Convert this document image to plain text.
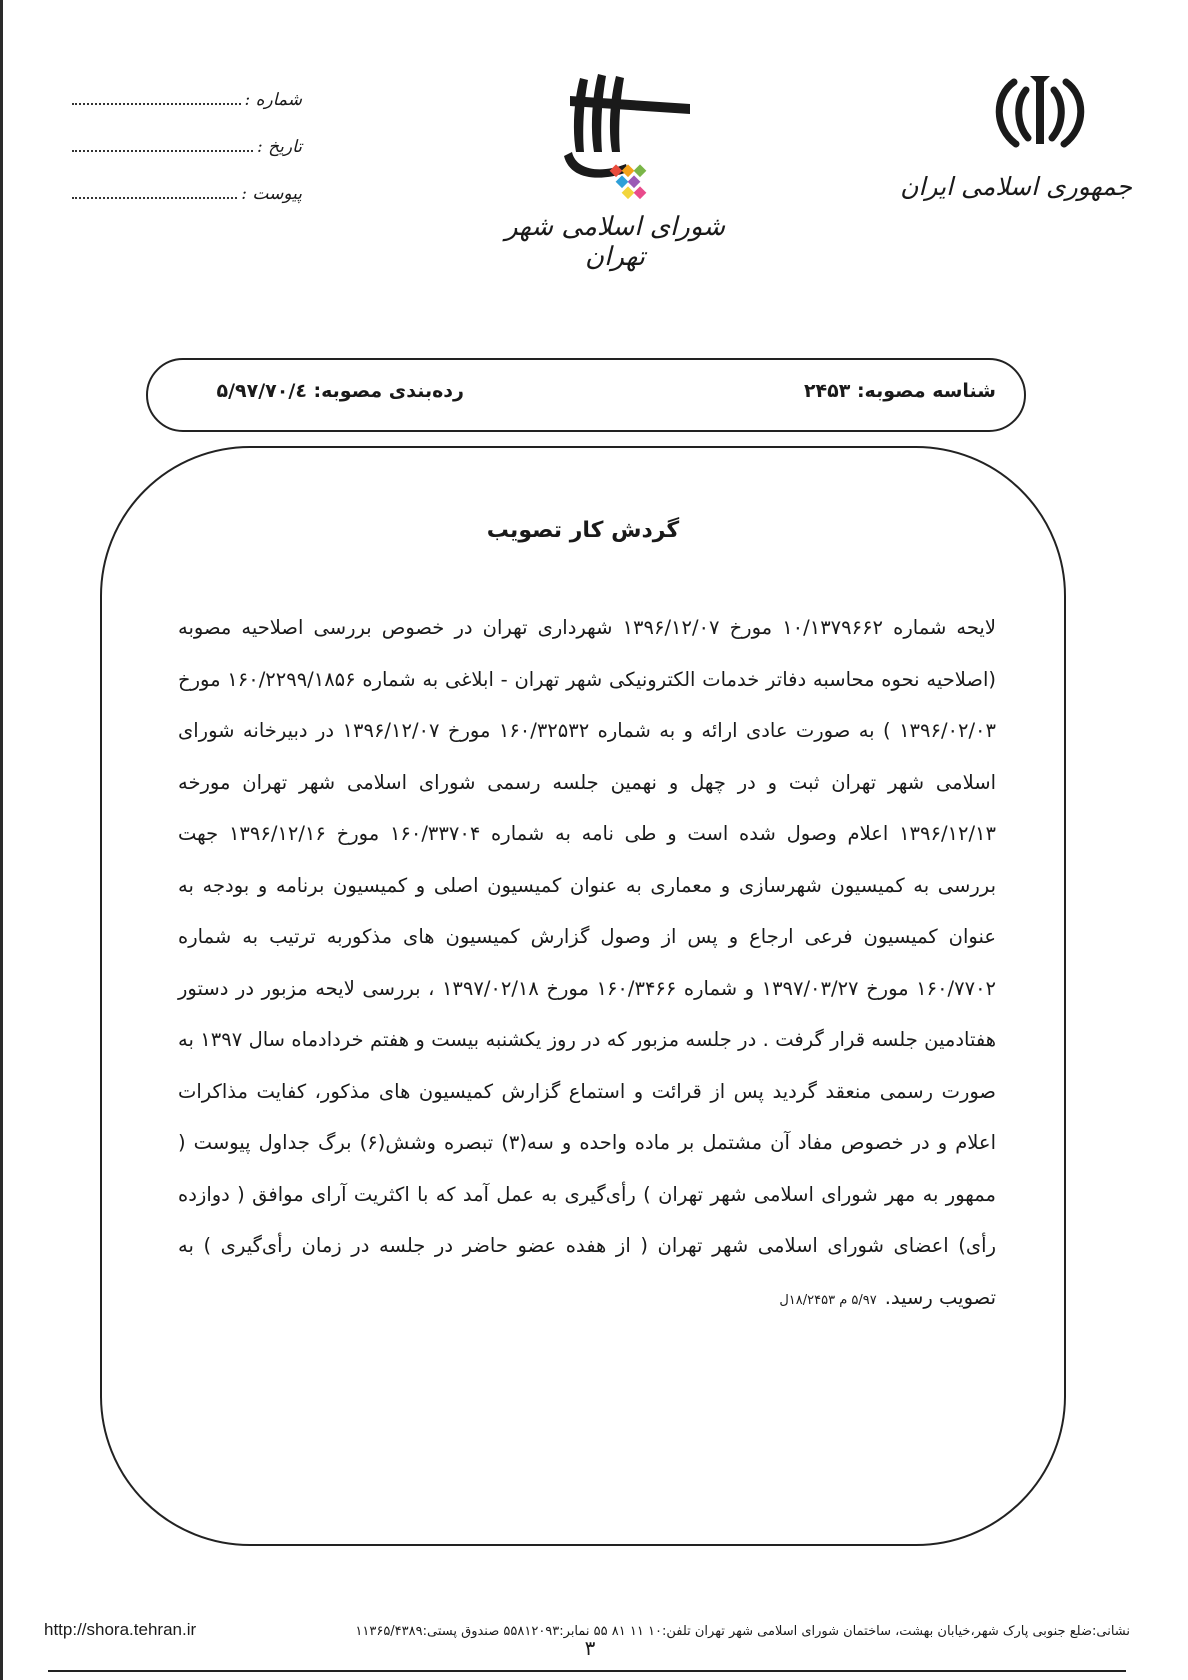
شماره :
تاریخ :
پیوست :
شورای اسلامی شهر تهران
جمهوری اسلامی ایران
شناسه مصوبه: ۲۴۵۳
رده‌بندی مصوبه: ۵/۹۷/۷۰/٤
گردش کار تصویب

لایحه شماره ۱۰/۱۳۷۹۶۶۲ مورخ ۱۳۹۶/۱۲/۰۷ شهرداری تهران در خصوص بررسی اصلاحیه مصوبه (اصلاحیه نحوه محاسبه دفاتر خدمات الکترونیکی شهر تهران - ابلاغی به شماره ۱۶۰/۲۲۹۹/۱۸۵۶ مورخ ۱۳۹۶/۰۲/۰۳ ) به صورت عادی ارائه و به شماره ۱۶۰/۳۲۵۳۲ مورخ ۱۳۹۶/۱۲/۰۷ در دبیرخانه شورای اسلامی شهر تهران ثبت و در چهل و نهمین جلسه رسمی شورای اسلامی شهر تهران مورخه ۱۳۹۶/۱۲/۱۳ اعلام وصول شده است و طی نامه به شماره ۱۶۰/۳۳۷۰۴ مورخ ۱۳۹۶/۱۲/۱۶ جهت بررسی به کمیسیون شهرسازی و معماری به عنوان کمیسیون اصلی و کمیسیون برنامه و بودجه به عنوان کمیسیون فرعی ارجاع و پس از وصول گزارش کمیسیون های مذکوربه ترتیب به شماره ۱۶۰/۷۷۰۲ مورخ ۱۳۹۷/۰۳/۲۷ و شماره ۱۶۰/۳۴۶۶ مورخ ۱۳۹۷/۰۲/۱۸ ، بررسی لایحه مزبور در دستور هفتادمین جلسه قرار گرفت . در جلسه مزبور که در روز یکشنبه بیست و هفتم خردادماه سال ۱۳۹۷ به صورت رسمی منعقد گردید پس از قرائت و استماع گزارش کمیسیون های مذکور، کفایت مذاکرات اعلام و در خصوص مفاد آن مشتمل بر ماده واحده و سه(۳) تبصره وشش(۶) برگ جداول پیوست ( ممهور به مهر شورای اسلامی شهر تهران ) رأی‌گیری به عمل آمد که با اکثریت آرای موافق ( دوازده رأی) اعضای شورای اسلامی شهر تهران ( از هفده عضو حاضر در جلسه در زمان رأی‌گیری ) به تصویب رسید.۵/۹۷ م ۱۸/۲۴۵۳ل

۳
http://shora.tehran.ir	نشانی:ضلع جنوبی پارک شهر،خیابان بهشت، ساختمان شورای اسلامی شهر تهران تلفن:۱۰ ۱۱ ۸۱ ۵۵ نمابر:۵۵۸۱۲۰۹۳ صندوق پستی:۱۱۳۶۵/۴۳۸۹
